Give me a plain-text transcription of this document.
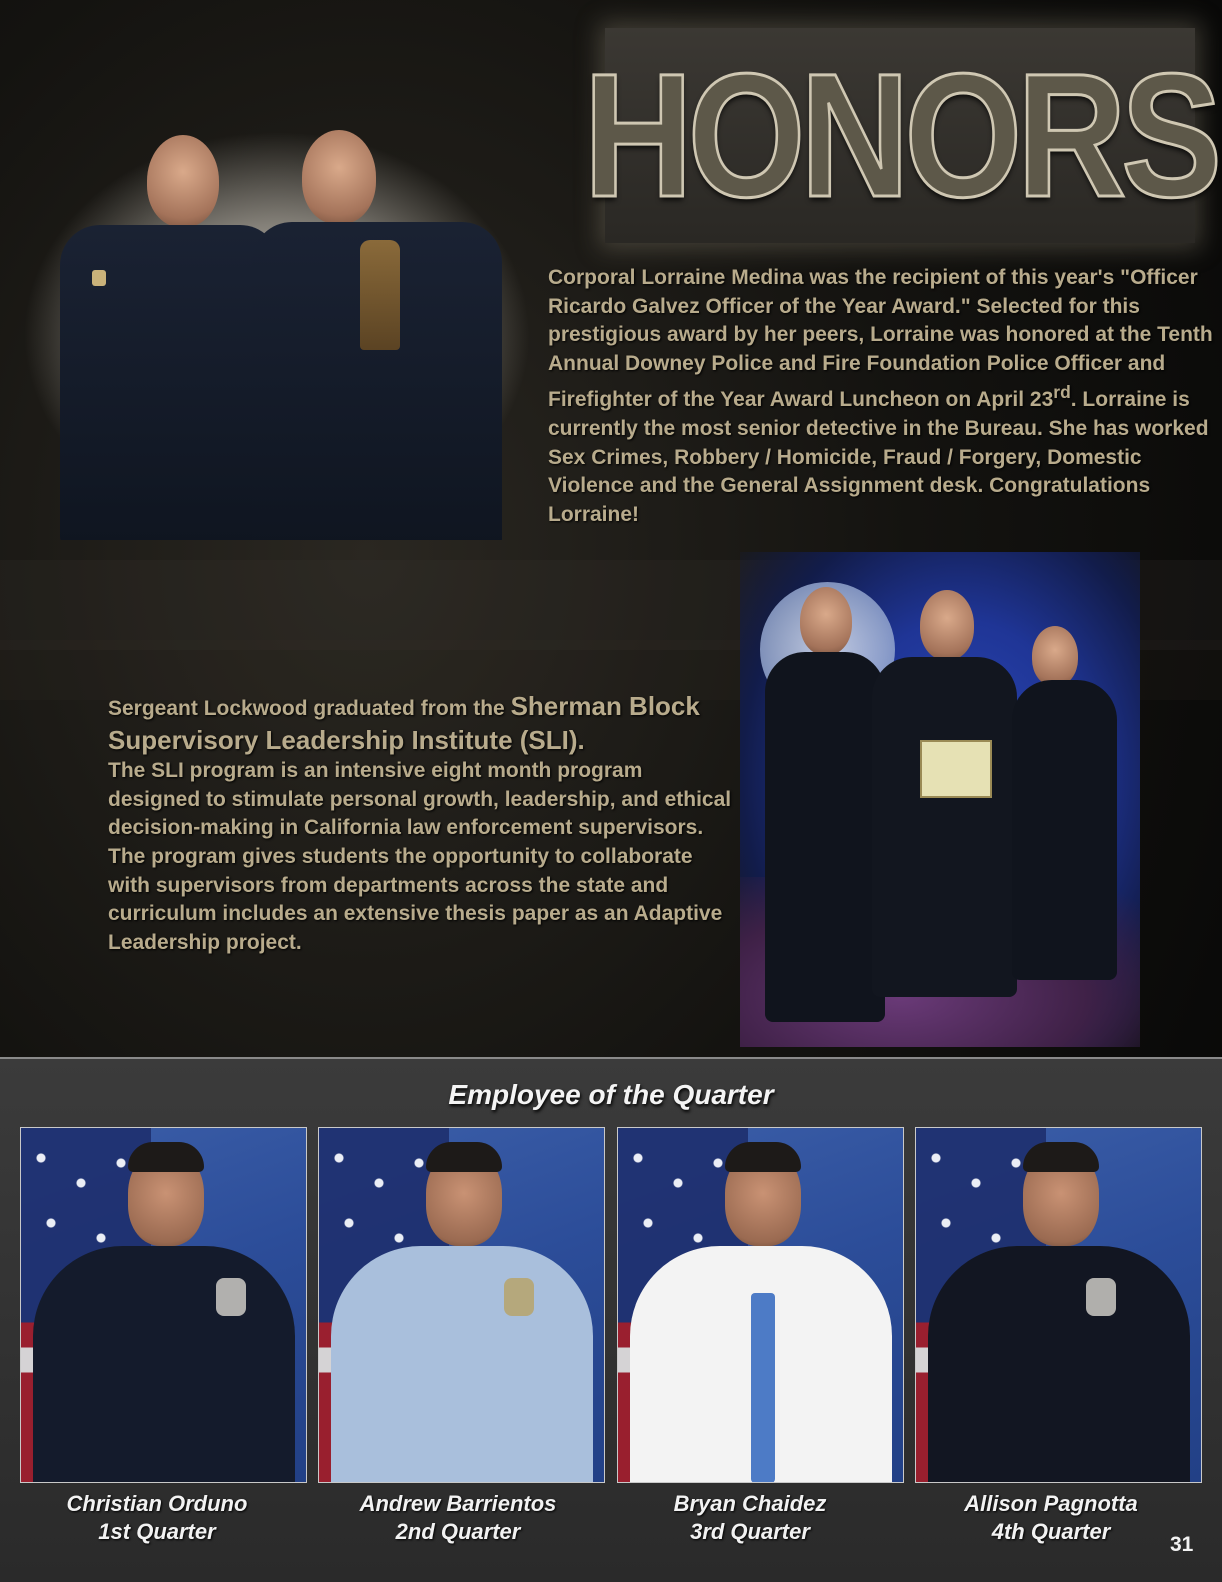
HONORS
Corporal Lorraine Medina was the recipient of this year's "Officer Ricardo Galvez Officer of the Year Award." Selected for this prestigious award by her peers, Lorraine was honored at the Tenth Annual Downey Police and Fire Foundation Police Officer and Firefighter of the Year Award Luncheon on April 23rd. Lorraine is currently the most senior detective in the Bureau. She has worked Sex Crimes, Robbery / Homicide, Fraud / Forgery, Domestic Violence and the General Assignment desk. Congratulations Lorraine!
Sergeant Lockwood graduated from the Sherman Block Supervisory Leadership Institute (SLI).
The SLI program is an intensive eight month program designed to stimulate personal growth, leadership, and ethical decision-making in California law enforcement supervisors. The program gives students the opportunity to collaborate with supervisors from departments across the state and curriculum includes an extensive thesis paper as an Adaptive Leadership project.
Employee of the Quarter
Christian Orduno
1st Quarter
Andrew Barrientos
2nd Quarter
Bryan Chaidez
3rd Quarter
Allison Pagnotta
4th Quarter
31
